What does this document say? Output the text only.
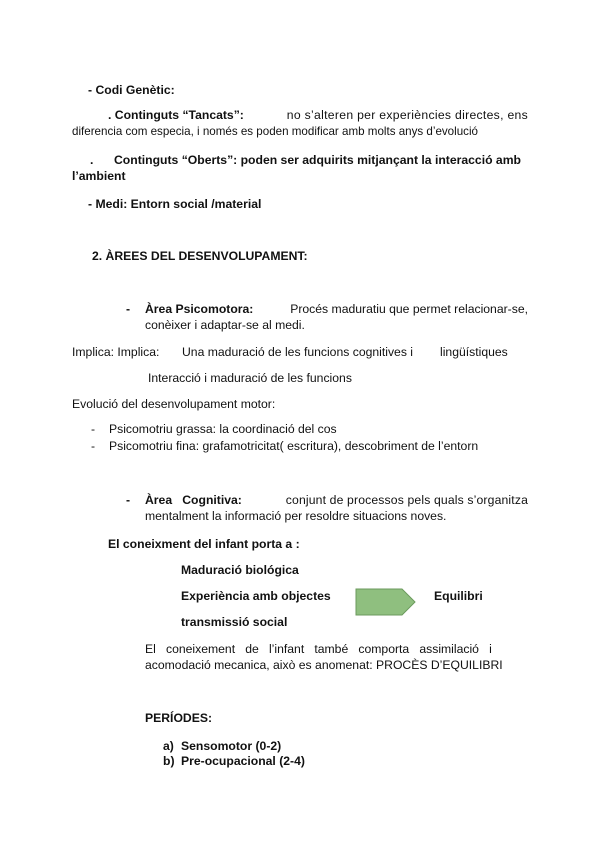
- Codi Genètic:
. Continguts “Tancats”:	no s’alteren per experiències directes, ens
diferencia com especia, i només es poden modificar amb molts anys d’evolució
. Continguts “Oberts”: poden ser adquirits mitjançant la interacció amb
l’ambient
- Medi: Entorn social /material
2. ÀREES DEL DESENVOLUPAMENT:
- Àrea Psicomotora:	Procés maduratiu que permet relacionar-se,
conèixer i adaptar-se al medi.
Implica: Implica: Una maduració de les funcions cognitives i lingüístiques
Interacció i maduració de les funcions
Evolució del desenvolupament motor:
- Psicomotriu grassa: la coordinació del cos
- Psicomotriu fina: grafamotricitat( escritura), descobriment de l’entorn
- Àrea   Cognitiva:	conjunt de processos pels quals s’organitza
mentalment la informació per resoldre situacions noves.
El coneixment del infant porta a :
Maduració biológica
Experiència amb objectes	Equilibri
transmissió social
El   coneixement   de   l’infant   també   comporta   assimilació   i
acomodació mecanica, això es anomenat: PROCÈS D’EQUILIBRI
PERÍODES:
a) Sensomotor (0-2)
b) Pre-ocupacional (2-4)
